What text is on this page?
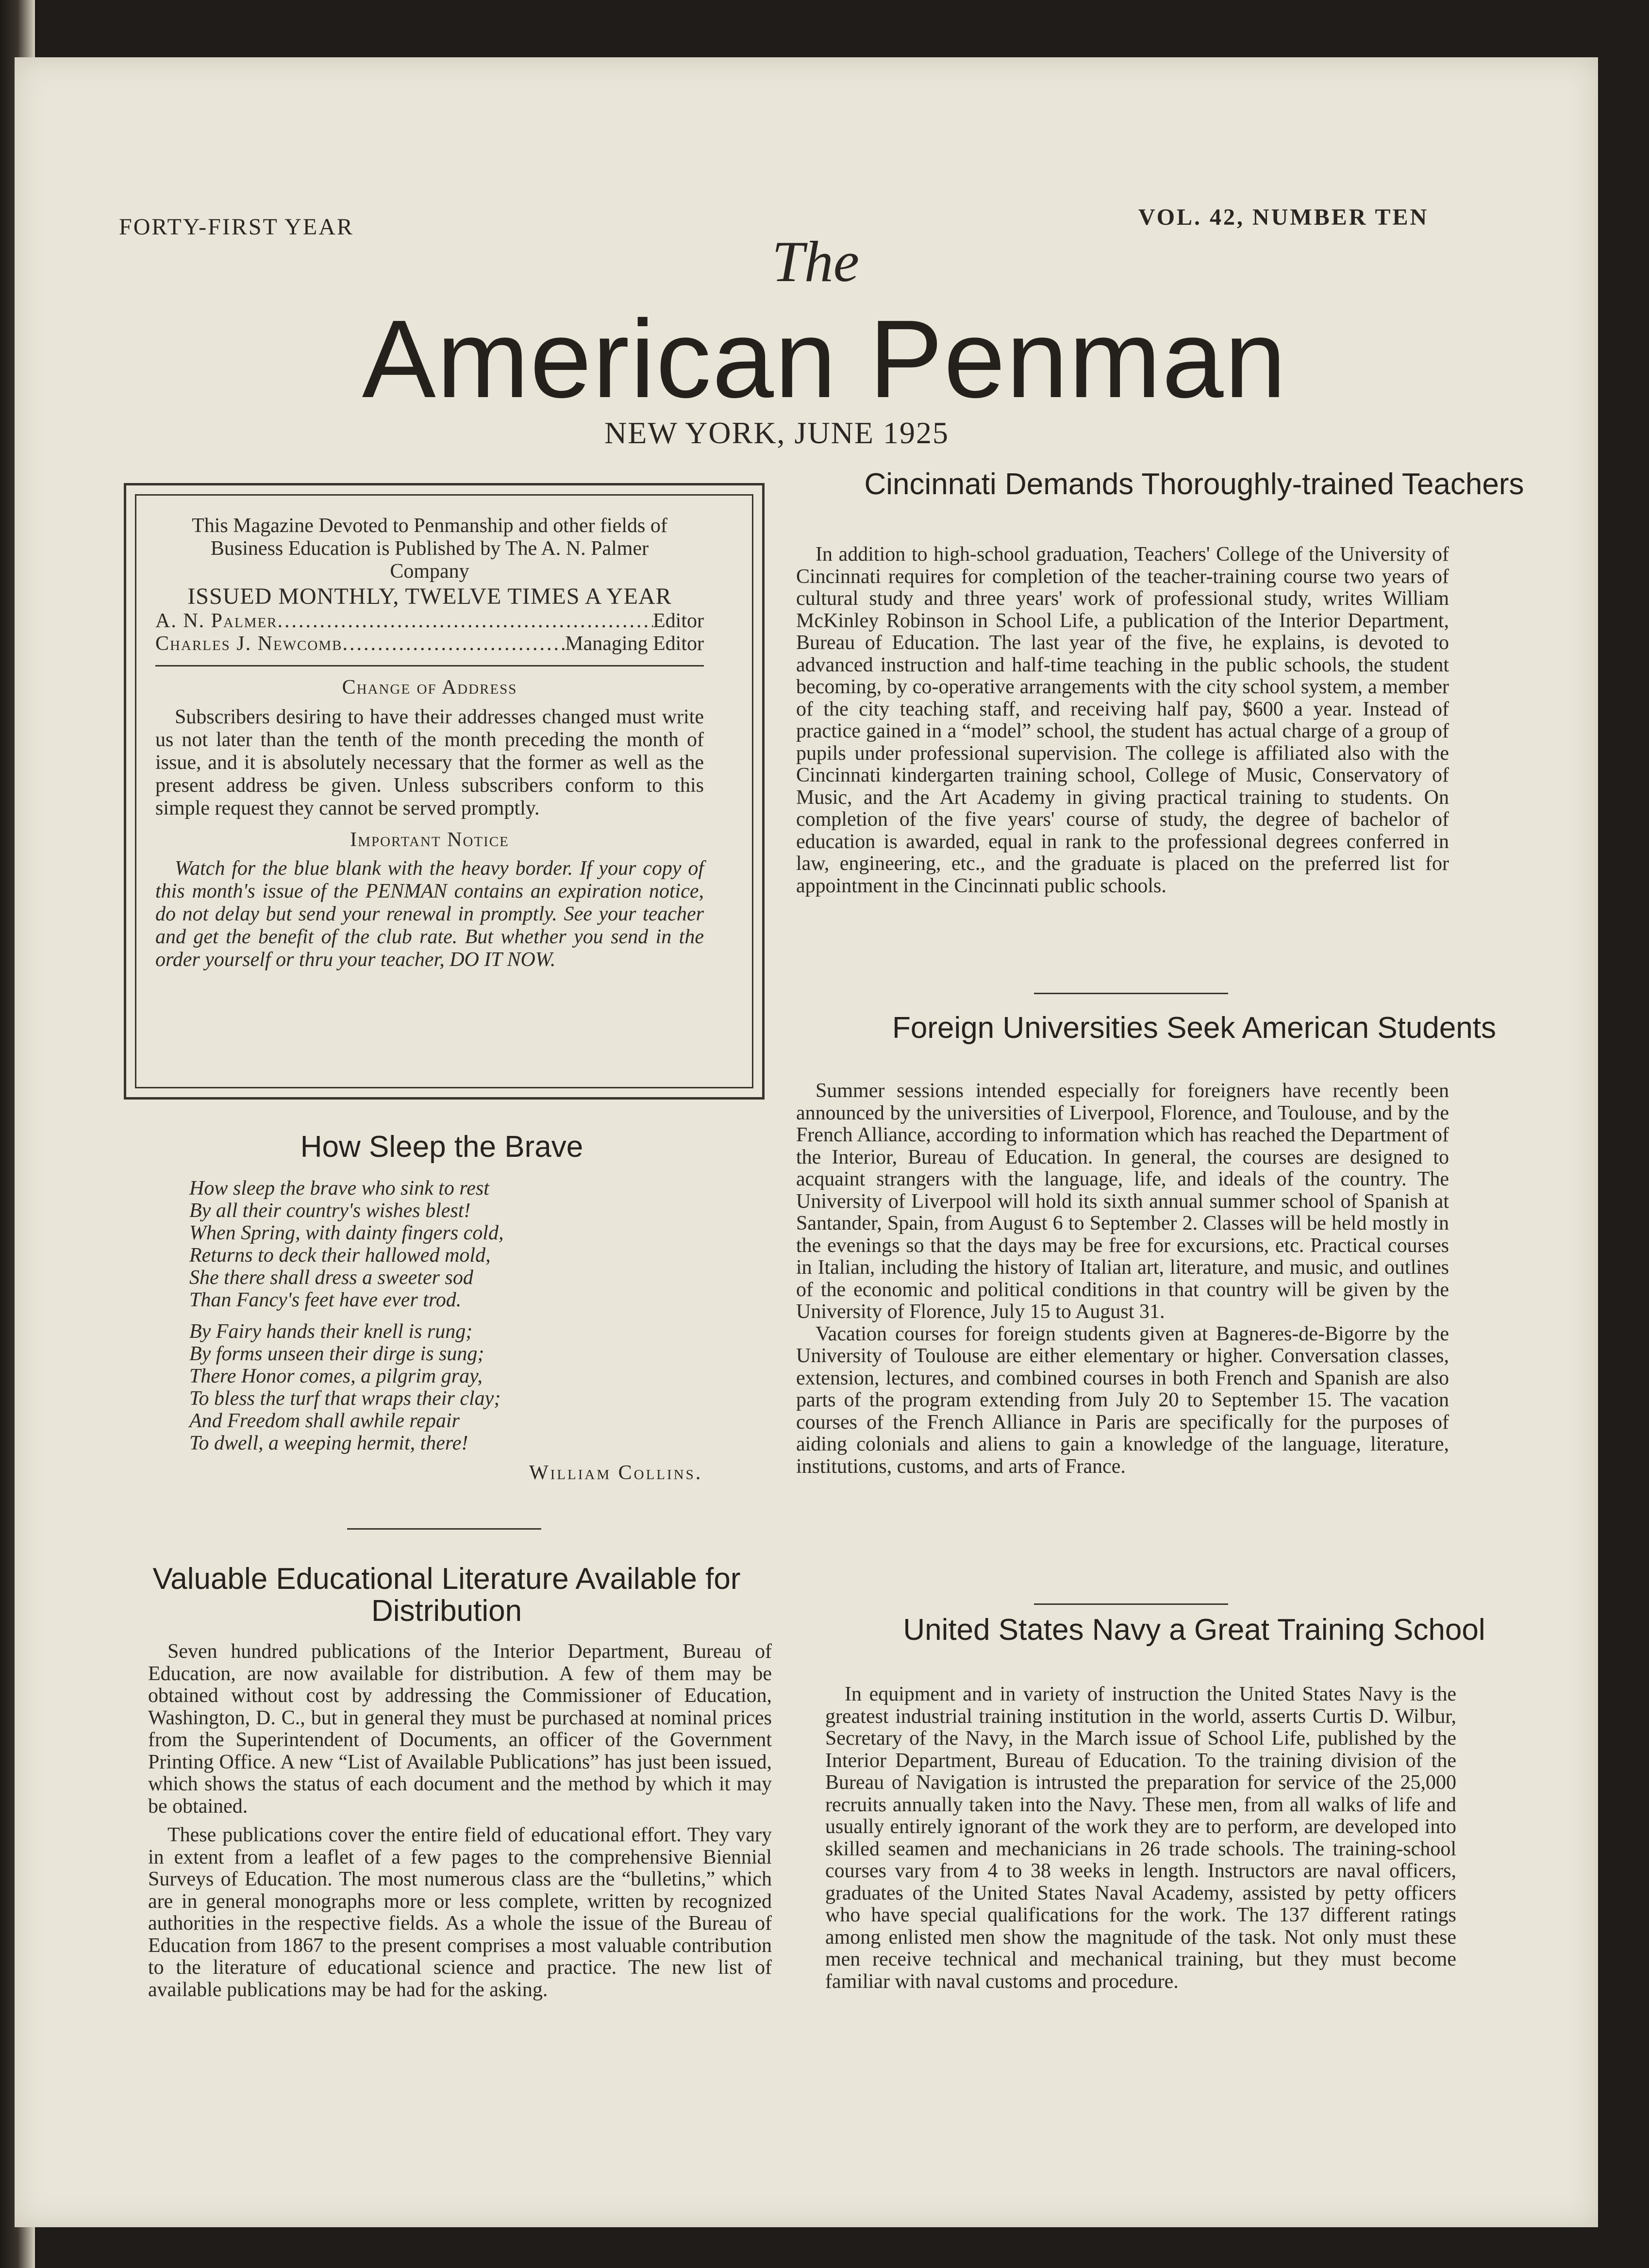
FORTY-FIRST YEAR	VOL. 42, NUMBER TEN
The
American Penman
NEW YORK, JUNE 1925
This Magazine Devoted to Penmanship and other fields of Business Education is Published by The A. N. Palmer Company
ISSUED MONTHLY, TWELVE TIMES A YEAR
A. N. Palmer .....	Editor
Charles J. Newcomb .....	Managing Editor
Change of Address
Subscribers desiring to have their addresses changed must write us not later than the tenth of the month preceding the month of issue, and it is absolutely necessary that the former as well as the present address be given. Unless subscribers conform to this simple request they cannot be served promptly.
Important Notice
Watch for the blue blank with the heavy border. If your copy of this month's issue of the PENMAN contains an expiration notice, do not delay but send your renewal in promptly. See your teacher and get the benefit of the club rate. But whether you send in the order yourself or thru your teacher, DO IT NOW.
How Sleep the Brave
How sleep the brave who sink to rest
By all their country's wishes blest!
When Spring, with dainty fingers cold,
Returns to deck their hallowed mold,
She there shall dress a sweeter sod
Than Fancy's feet have ever trod.
By Fairy hands their knell is rung;
By forms unseen their dirge is sung;
There Honor comes, a pilgrim gray,
To bless the turf that wraps their clay;
And Freedom shall awhile repair
To dwell, a weeping hermit, there!
William Collins.
Valuable Educational Literature Available for Distribution

Seven hundred publications of the Interior Department, Bureau of Education, are now available for distribution. A few of them may be obtained without cost by addressing the Commissioner of Education, Washington, D. C., but in general they must be purchased at nominal prices from the Superintendent of Documents, an officer of the Government Printing Office. A new “List of Available Publications” has just been issued, which shows the status of each document and the method by which it may be obtained.

These publications cover the entire field of educational effort. They vary in extent from a leaflet of a few pages to the comprehensive Biennial Surveys of Education. The most numerous class are the “bulletins,” which are in general monographs more or less complete, written by recognized authorities in the respective fields. As a whole the issue of the Bureau of Education from 1867 to the present comprises a most valuable contribution to the literature of educational science and practice. The new list of available publications may be had for the asking.

Cincinnati Demands Thoroughly-trained Teachers

In addition to high-school graduation, Teachers' College of the University of Cincinnati requires for completion of the teacher-training course two years of cultural study and three years' work of professional study, writes William McKinley Robinson in School Life, a publication of the Interior Department, Bureau of Education. The last year of the five, he explains, is devoted to advanced instruction and half-time teaching in the public schools, the student becoming, by co-operative arrangements with the city school system, a member of the city teaching staff, and receiving half pay, $600 a year. Instead of practice gained in a “model” school, the student has actual charge of a group of pupils under professional supervision. The college is affiliated also with the Cincinnati kindergarten training school, College of Music, Conservatory of Music, and the Art Academy in giving practical training to students. On completion of the five years' course of study, the degree of bachelor of education is awarded, equal in rank to the professional degrees conferred in law, engineering, etc., and the graduate is placed on the preferred list for appointment in the Cincinnati public schools.

Foreign Universities Seek American Students

Summer sessions intended especially for foreigners have recently been announced by the universities of Liverpool, Florence, and Toulouse, and by the French Alliance, according to information which has reached the Department of the Interior, Bureau of Education. In general, the courses are designed to acquaint strangers with the language, life, and ideals of the country. The University of Liverpool will hold its sixth annual summer school of Spanish at Santander, Spain, from August 6 to September 2. Classes will be held mostly in the evenings so that the days may be free for excursions, etc. Practical courses in Italian, including the history of Italian art, literature, and music, and outlines of the economic and political conditions in that country will be given by the University of Florence, July 15 to August 31.

Vacation courses for foreign students given at Bagneres-de-Bigorre by the University of Toulouse are either elementary or higher. Conversation classes, extension, lectures, and combined courses in both French and Spanish are also parts of the program extending from July 20 to September 15. The vacation courses of the French Alliance in Paris are specifically for the purposes of aiding colonials and aliens to gain a knowledge of the language, literature, institutions, customs, and arts of France.

United States Navy a Great Training School

In equipment and in variety of instruction the United States Navy is the greatest industrial training institution in the world, asserts Curtis D. Wilbur, Secretary of the Navy, in the March issue of School Life, published by the Interior Department, Bureau of Education. To the training division of the Bureau of Navigation is intrusted the preparation for service of the 25,000 recruits annually taken into the Navy. These men, from all walks of life and usually entirely ignorant of the work they are to perform, are developed into skilled seamen and mechanicians in 26 trade schools. The training-school courses vary from 4 to 38 weeks in length. Instructors are naval officers, graduates of the United States Naval Academy, assisted by petty officers who have special qualifications for the work. The 137 different ratings among enlisted men show the magnitude of the task. Not only must these men receive technical and mechanical training, but they must become familiar with naval customs and procedure.
